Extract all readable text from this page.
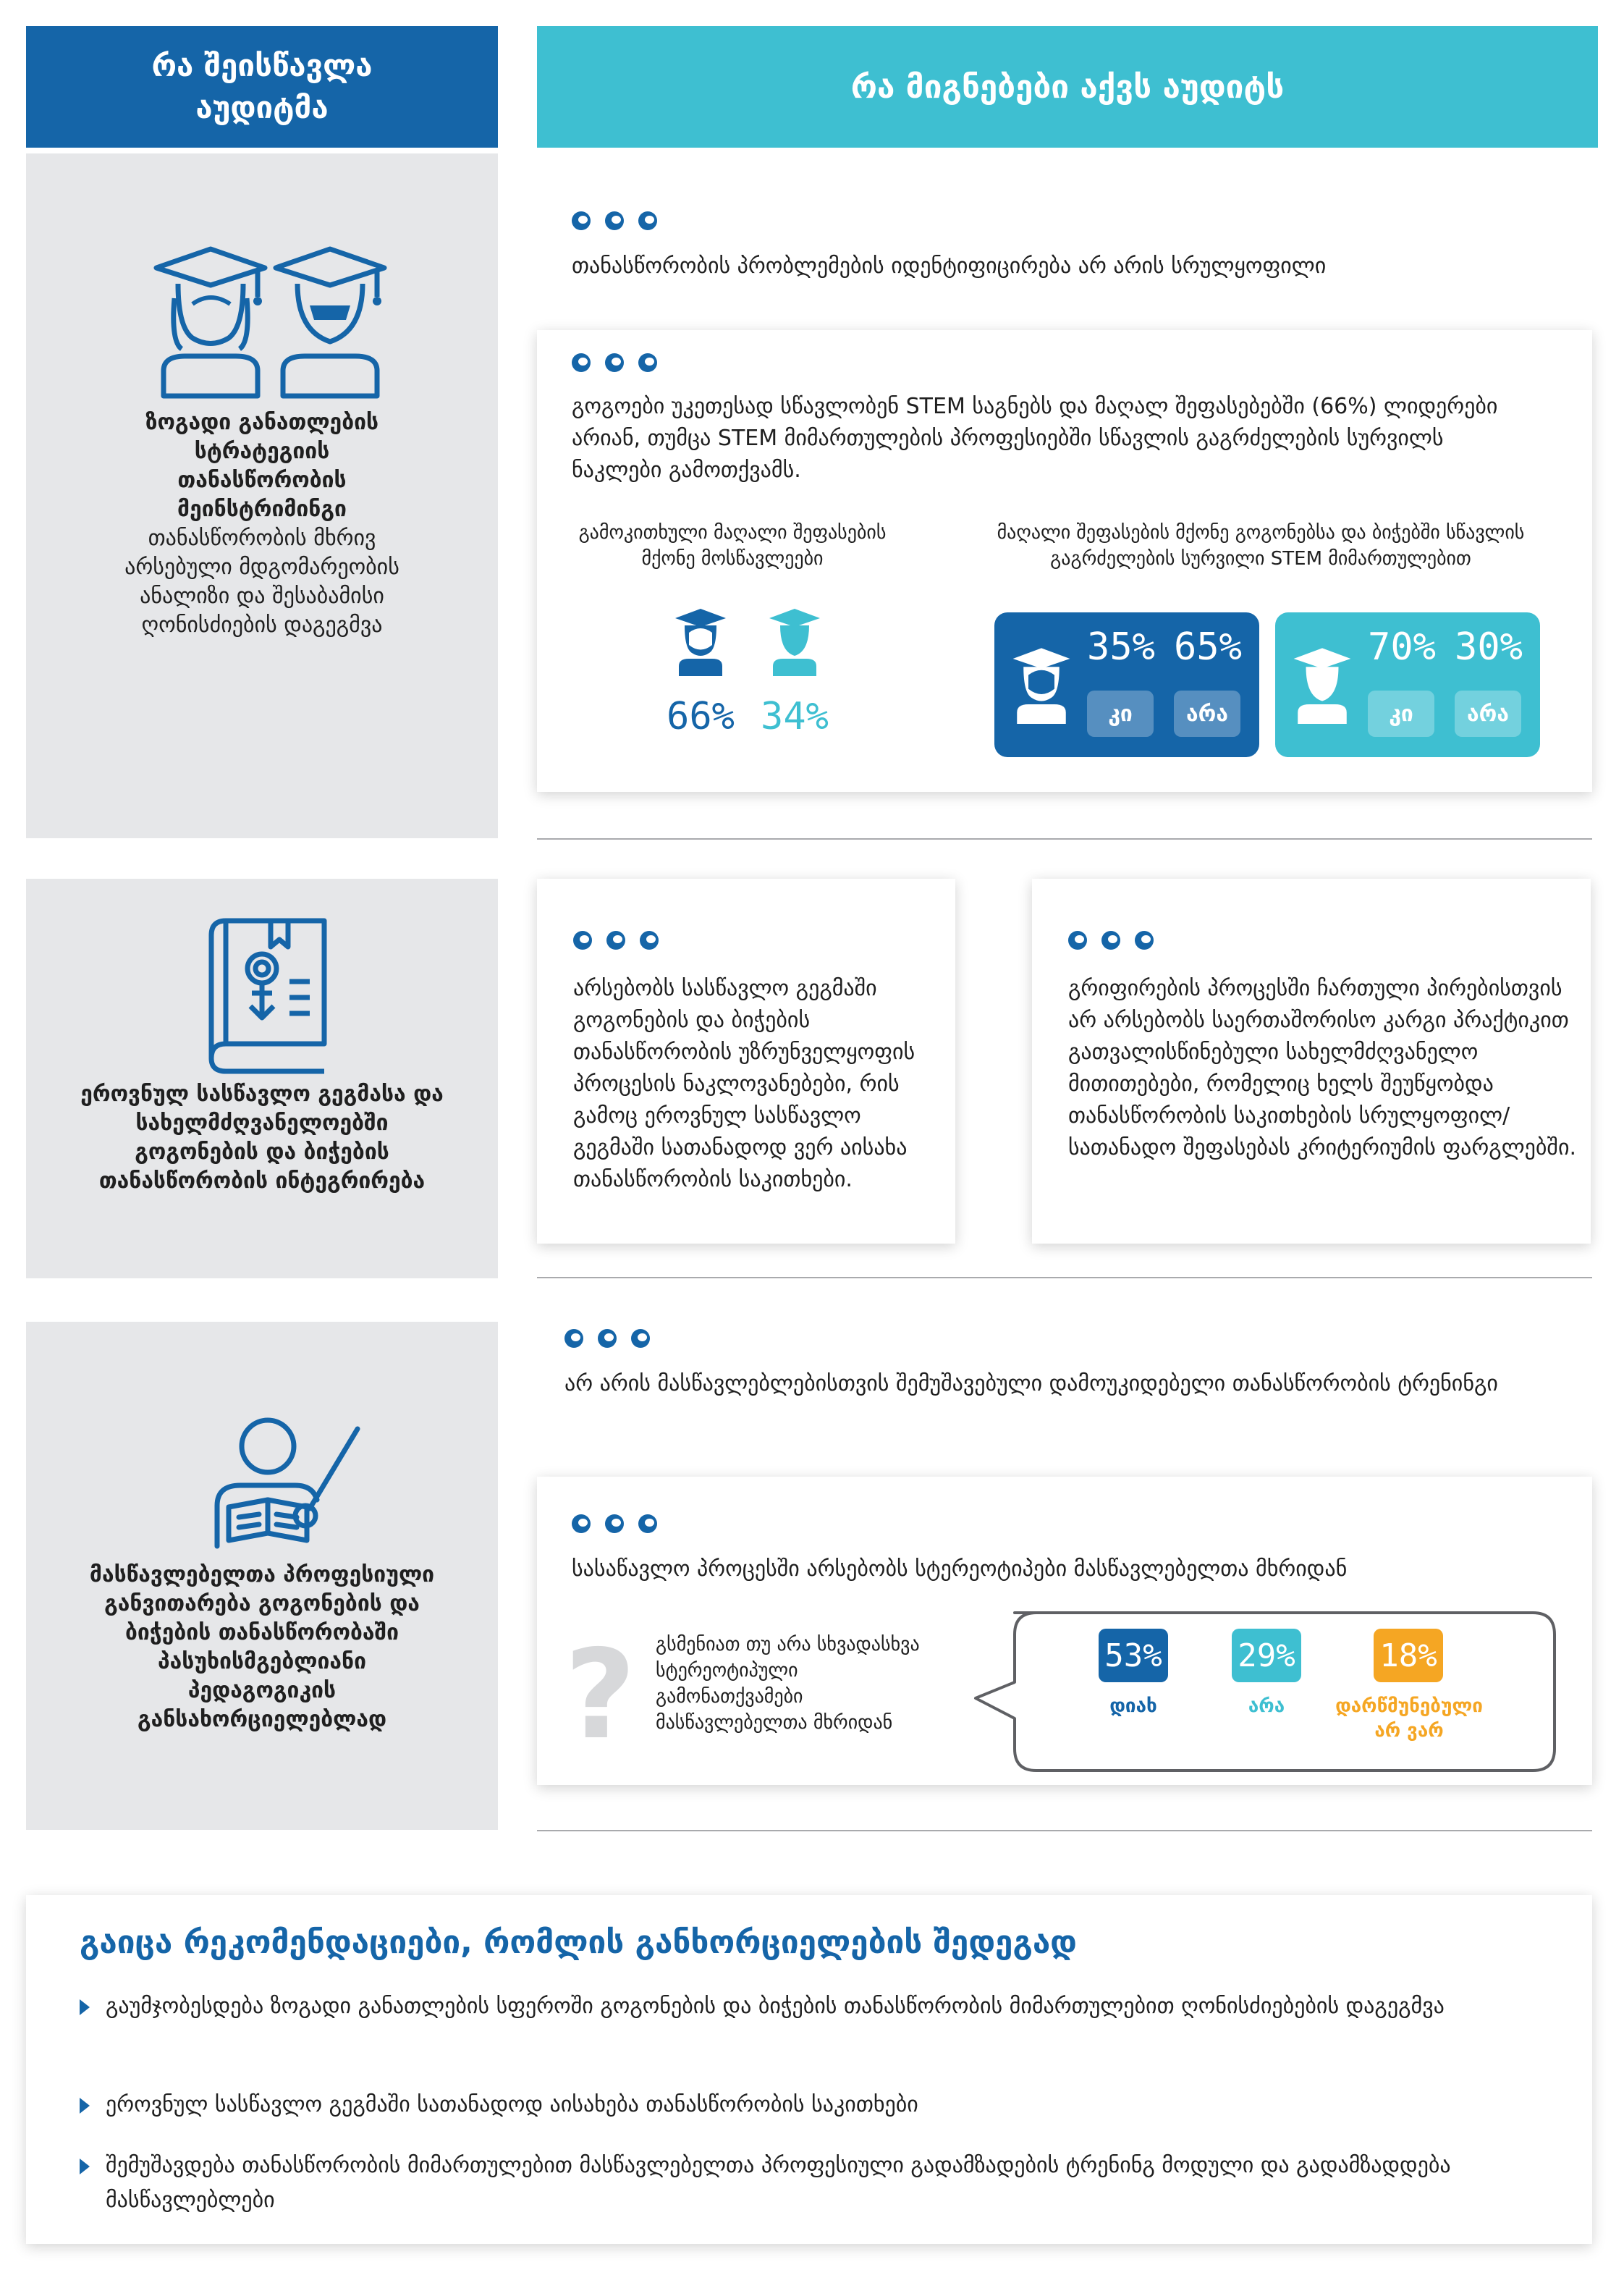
რა შეისწავლა აუდიტმა
რა მიგნებები აქვს აუდიტს
ზოგადი განათლების სტრატეგიის თანასწორობის მეინსტრიმინგი
თანასწორობის მხრივ არსებული მდგომარეობის ანალიზი და შესაბამისი ღონისძიების დაგეგმვა
თანასწორობის პრობლემების იდენტიფიცირება არ არის სრულყოფილი
გოგოები უკეთესად სწავლობენ STEM საგნებს და მაღალ შეფასებებში (66%) ლიდერები არიან, თუმცა STEM მიმართულების პროფესიებში სწავლის გაგრძელების სურვილს ნაკლები გამოთქვამს.
გამოკითხული მაღალი შეფასების მქონე მოსწავლეები
მაღალი შეფასების მქონე გოგონებსა და ბიჭებში სწავლის გაგრძელების სურვილი STEM მიმართულებით
66% 34%
35% 65%
კი	არა
70% 30%
კი	არა
ეროვნულ სასწავლო გეგმასა და სახელმძღვანელოებში გოგონების და ბიჭების თანასწორობის ინტეგრირება
არსებობს სასწავლო გეგმაში გოგონების და ბიჭების თანასწორობის უზრუნველყოფის პროცესის ნაკლოვანებები, რის გამოც ეროვნულ სასწავლო გეგმაში სათანადოდ ვერ აისახა თანასწორობის საკითხები.
გრიფირების პროცესში ჩართული პირებისთვის არ არსებობს საერთაშორისო კარგი პრაქტიკით გათვალისწინებული სახელმძღვანელო მითითებები, რომელიც ხელს შეუწყობდა თანასწორობის საკითხების სრულყოფილ/სათანადო შეფასებას კრიტერიუმის ფარგლებში.
მასწავლებელთა პროფესიული განვითარება გოგონების და ბიჭების თანასწორობაში პასუხისმგებლიანი პედაგოგიკის განსახორციელებლად
არ არის მასწავლებლებისთვის შემუშავებული დამოუკიდებელი თანასწორობის ტრენინგი
სასაწავლო პროცესში არსებობს სტერეოტიპები მასწავლებელთა მხრიდან
? გსმენიათ თუ არა სხვადასხვა სტერეოტიპული გამონათქვამები მასწავლებელთა მხრიდან
53% 29%	18%
დიახ	არა	დარწმუნებული არ ვარ
გაიცა რეკომენდაციები, რომლის განხორციელების შედეგად
გაუმჯობესდება ზოგადი განათლების სფეროში გოგონების და ბიჭების თანასწორობის მიმართულებით ღონისძიებების დაგეგმვა
ეროვნულ სასწავლო გეგმაში სათანადოდ აისახება თანასწორობის საკითხები
შემუშავდება თანასწორობის მიმართულებით მასწავლებელთა პროფესიული გადამზადების ტრენინგ მოდული და გადამზადდება მასწავლებლები
